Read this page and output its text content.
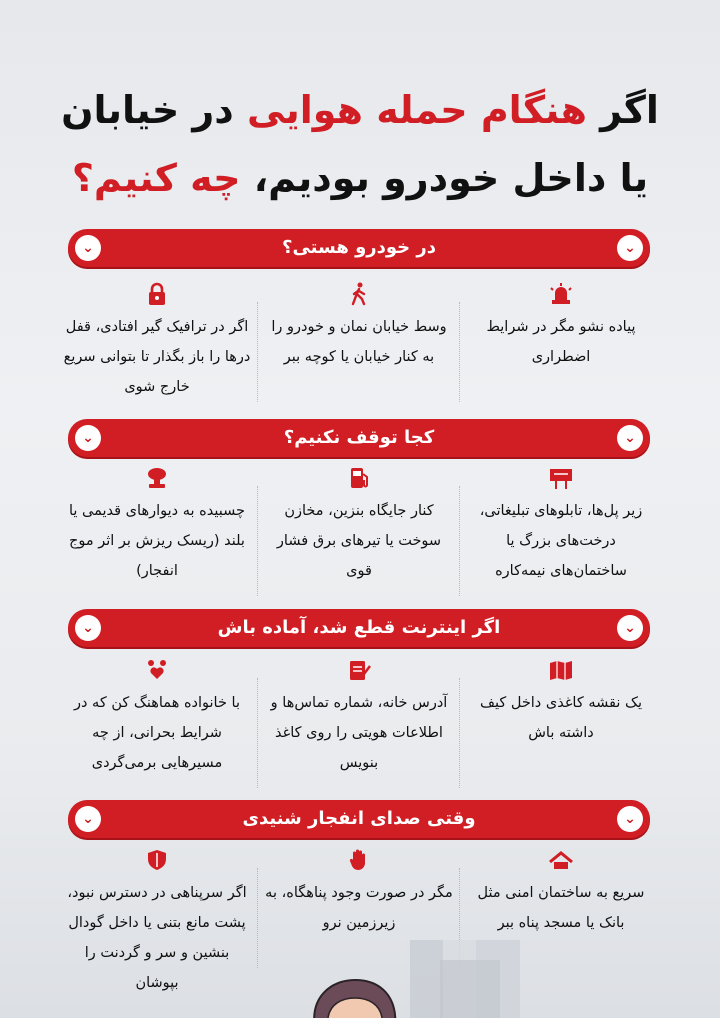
اگر هنگام حمله هوایی در خیابان
یا داخل خودرو بودیم، چه کنیم؟
⌄
در خودرو هستی؟
⌄
پیاده نشو مگر در شرایط اضطراری
وسط خیابان نمان و خودرو را به کنار خیابان یا کوچه ببر
اگر در ترافیک گیر افتادی، قفل درها را باز بگذار تا بتوانی سریع خارج شوی
⌄
کجا توقف نکنیم؟
⌄
زیر پل‌ها، تابلوهای تبلیغاتی، درخت‌های بزرگ یا ساختمان‌های نیمه‌کاره
کنار جایگاه بنزین، مخازن سوخت یا تیرهای برق فشار قوی
چسبیده به دیوارهای قدیمی یا بلند (ریسک ریزش بر اثر موج انفجار)
⌄
اگر اینترنت قطع شد، آماده باش
⌄
یک نقشه کاغذی داخل کیف داشته باش
آدرس خانه، شماره تماس‌ها و اطلاعات هویتی را روی کاغذ بنویس
با خانواده هماهنگ کن که در شرایط بحرانی، از چه مسیرهایی برمی‌گردی
⌄
وقتی صدای انفجار شنیدی
⌄
سریع به ساختمان امنی مثل بانک یا مسجد پناه ببر
مگر در صورت وجود پناهگاه، به زیرزمین نرو
اگر سرپناهی در دسترس نبود، پشت مانع بتنی یا داخل گودال بنشین و سر و گردنت را بپوشان
